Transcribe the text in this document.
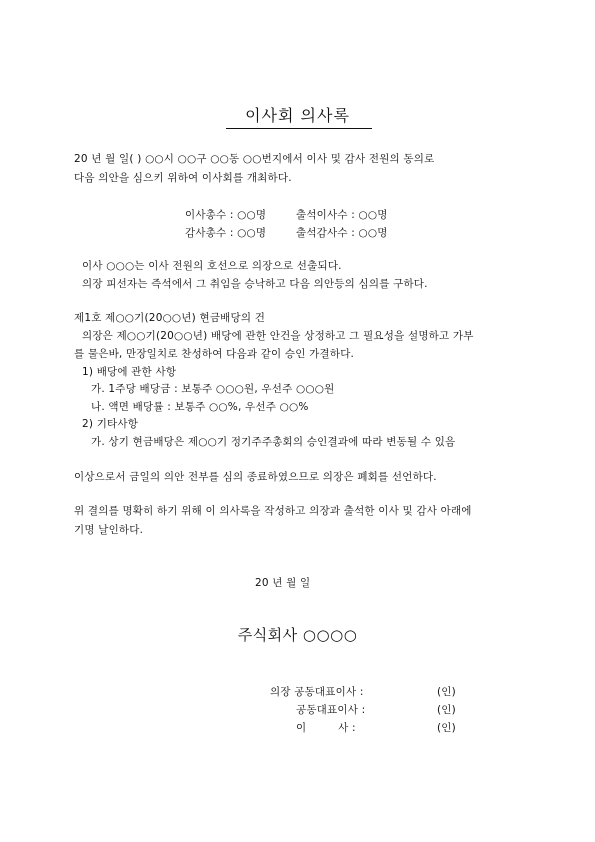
이사회 의사록
20 년 월 일( ) ○○시 ○○구 ○○동 ○○번지에서 이사 및 감사 전원의 동의로
다음 의안을 심으키 위하여 이사회를 개최하다.
이사총수 : ○○명	출석이사수 : ○○명
감사총수 : ○○명	출석감사수 : ○○명
이사 ○○○는 이사 전원의 호선으로 의장으로 선출되다.
의장 피선자는 즉석에서 그 취임을 승낙하고 다음 의안등의 심의를 구하다.
제1호 제○○기(20○○년) 현금배당의 건
의장은 제○○기(20○○년) 배당에 관한 안건을 상정하고 그 필요성을 설명하고 가부
를 물은바, 만장일치로 찬성하여 다음과 같이 승인 가결하다.
1) 배당에 관한 사항
가. 1주당 배당금 : 보통주 ○○○원, 우선주 ○○○원
나. 액면 배당률 : 보통주 ○○%, 우선주 ○○%
2) 기타사항
가. 상기 현금배당은 제○○기 정기주주총회의 승인결과에 따라 변동될 수 있음
이상으로서 금일의 의안 전부를 심의 종료하였으므로 의장은 폐회를 선언하다.
위 결의를 명확히 하기 위해 이 의사록을 작성하고 의장과 출석한 이사 및 감사 아래에
기명 날인하다.
20 년 월 일
주식회사 ○○○○
의장 공동대표이사 :	(인)
공동대표이사 :	(인)
이         사 :	(인)
